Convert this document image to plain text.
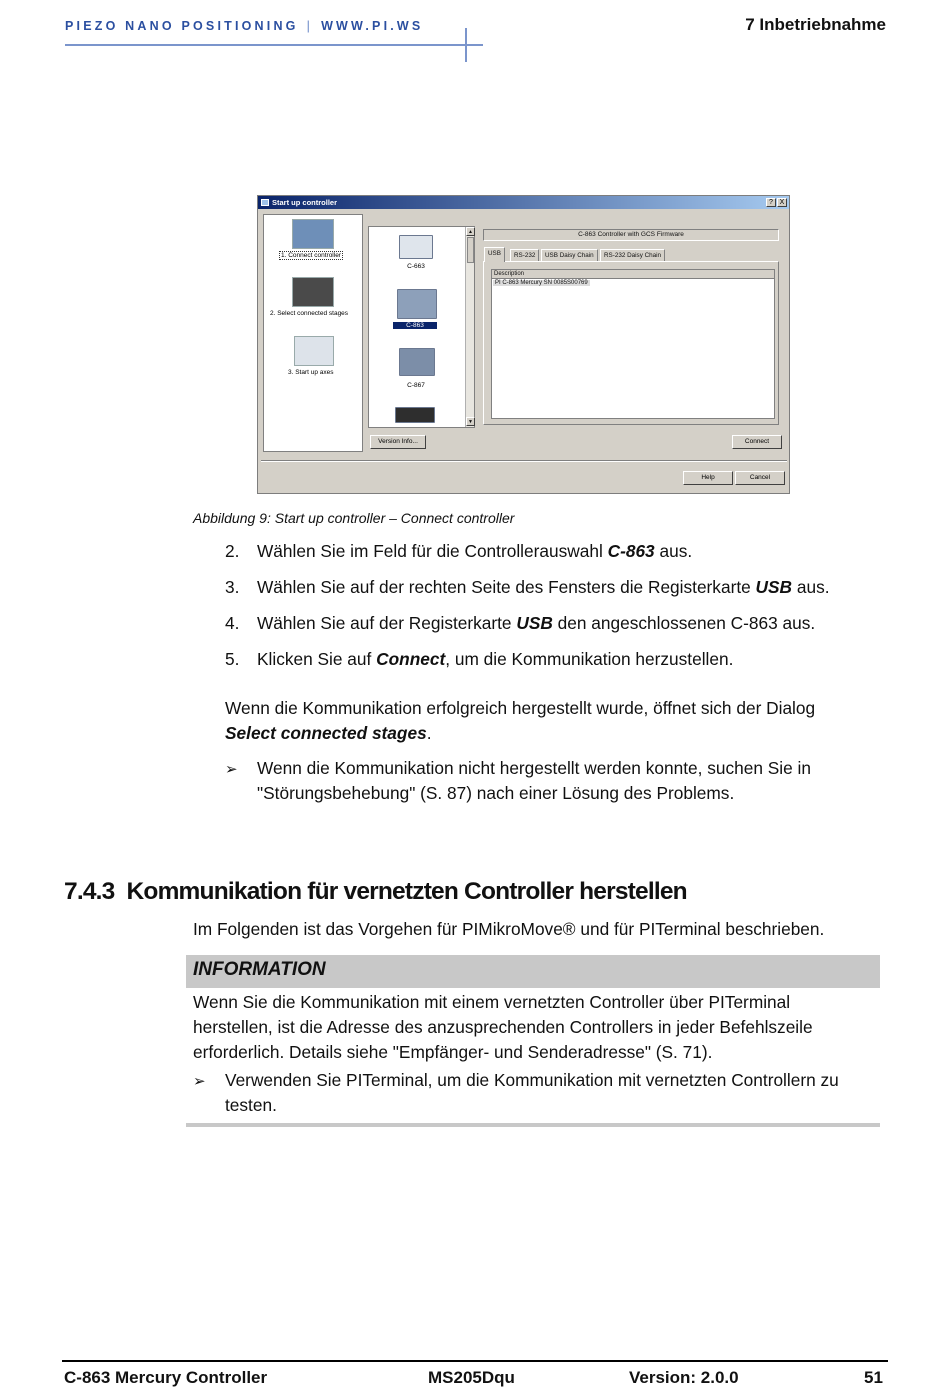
PIEZO NANO POSITIONING | WWW.PI.WS	7 Inbetriebnahme
Start up controller	? X
1. Connect controller
2. Select connected stages
3. Start up axes
C-663
C-863
C-867
▲
▼
C-863 Controller with GCS Firmware
USB	RS-232	USB Daisy Chain	RS-232 Daisy Chain
Description
PI C-863 Mercury SN 0085S00769
Version Info...	Connect
Help	Cancel
Abbildung 9: Start up controller – Connect controller
2.	Wählen Sie im Feld für die Controllerauswahl C-863 aus.
3.	Wählen Sie auf der rechten Seite des Fensters die Registerkarte USB aus.
4.	Wählen Sie auf der Registerkarte USB den angeschlossenen C-863 aus.
5.	Klicken Sie auf Connect, um die Kommunikation herzustellen.
Wenn die Kommunikation erfolgreich hergestellt wurde, öffnet sich der Dialog
Select connected stages.
➢ Wenn die Kommunikation nicht hergestellt werden konnte, suchen Sie in
"Störungsbehebung" (S. 87) nach einer Lösung des Problems.
7.4.3 Kommunikation für vernetzten Controller herstellen
Im Folgenden ist das Vorgehen für PIMikroMove® und für PITerminal beschrieben.
INFORMATION
Wenn Sie die Kommunikation mit einem vernetzten Controller über PITerminal
herstellen, ist die Adresse des anzusprechenden Controllers in jeder Befehlszeile
erforderlich. Details siehe "Empfänger- und Senderadresse" (S. 71).
➢ Verwenden Sie PITerminal, um die Kommunikation mit vernetzten Controllern zu
testen.
C-863 Mercury Controller	MS205Dqu	Version: 2.0.0	51
